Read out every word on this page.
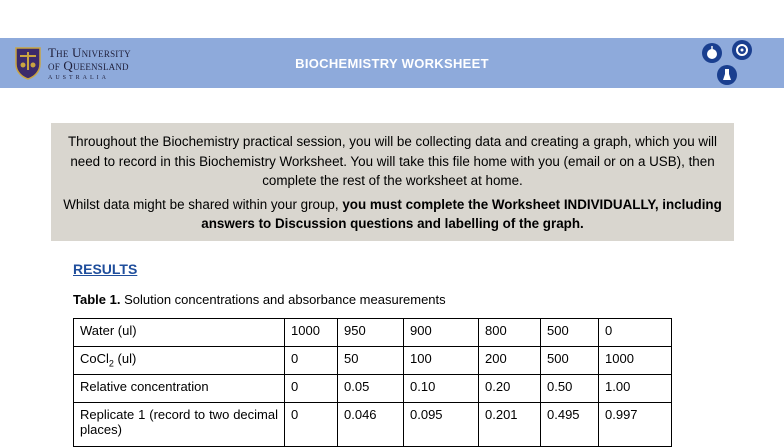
The University
of Queensland
AUSTRALIA
BIOCHEMISTRY WORKSHEET

Throughout the Biochemistry practical session, you will be collecting data and creating a graph, which you will need to record in this Biochemistry Worksheet. You will take this file home with you (email or on a USB), then complete the rest of the worksheet at home.

Whilst data might be shared within your group, you must complete the Worksheet INDIVIDUALLY, including answers to Discussion questions and labelling of the graph.

RESULTS
Table 1. Solution concentrations and absorbance measurements
Water (ul)	1000	950	900	800	500	0
CoCl$_2$ (ul)	0	50	100	200	500	1000
Relative concentration	0	0.05	0.10	0.20	0.50	1.00
Replicate 1 (record to two decimal places)	0	0.046	0.095	0.201	0.495	0.997
